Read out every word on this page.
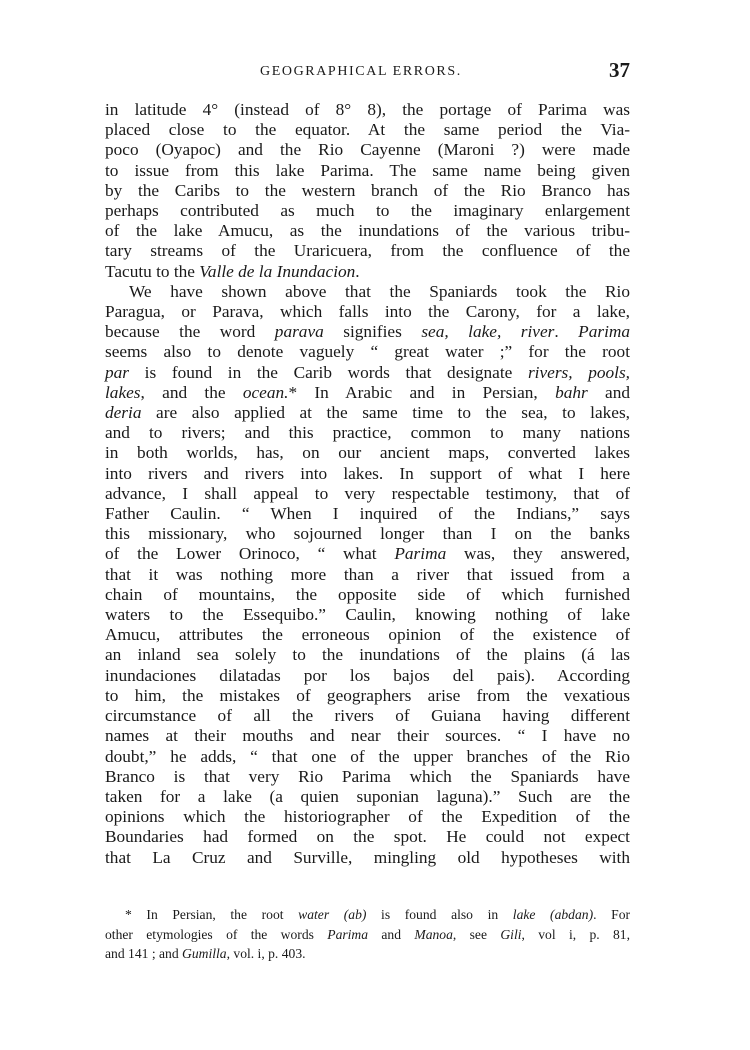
GEOGRAPHICAL ERRORS.	37
in latitude 4° (instead of 8° 8), the portage of Parima was
placed close to the equator. At the same period the Via-
poco (Oyapoc) and the Rio Cayenne (Maroni ?) were made
to issue from this lake Parima. The same name being given
by the Caribs to the western branch of the Rio Branco has
perhaps contributed as much to the imaginary enlargement
of the lake Amucu, as the inundations of the various tribu-
tary streams of the Uraricuera, from the confluence of the
Tacutu to the Valle de la Inundacion.
We have shown above that the Spaniards took the Rio
Paragua, or Parava, which falls into the Carony, for a lake,
because the word parava signifies sea, lake, river. Parima
seems also to denote vaguely “ great water ;” for the root
par is found in the Carib words that designate rivers, pools,
lakes, and the ocean.* In Arabic and in Persian, bahr and
deria are also applied at the same time to the sea, to lakes,
and to rivers; and this practice, common to many nations
in both worlds, has, on our ancient maps, converted lakes
into rivers and rivers into lakes. In support of what I here
advance, I shall appeal to very respectable testimony, that of
Father Caulin. “ When I inquired of the Indians,” says
this missionary, who sojourned longer than I on the banks
of the Lower Orinoco, “ what Parima was, they answered,
that it was nothing more than a river that issued from a
chain of mountains, the opposite side of which furnished
waters to the Essequibo.” Caulin, knowing nothing of lake
Amucu, attributes the erroneous opinion of the existence of
an inland sea solely to the inundations of the plains (á las
inundaciones dilatadas por los bajos del pais). According
to him, the mistakes of geographers arise from the vexatious
circumstance of all the rivers of Guiana having different
names at their mouths and near their sources. “ I have no
doubt,” he adds, “ that one of the upper branches of the Rio
Branco is that very Rio Parima which the Spaniards have
taken for a lake (a quien suponian laguna).” Such are the
opinions which the historiographer of the Expedition of the
Boundaries had formed on the spot. He could not expect
that La Cruz and Surville, mingling old hypotheses with
* In Persian, the root water (ab) is found also in lake (abdan). For
other etymologies of the words Parima and Manoa, see Gili, vol i, p. 81,
and 141 ; and Gumilla, vol. i, p. 403.
